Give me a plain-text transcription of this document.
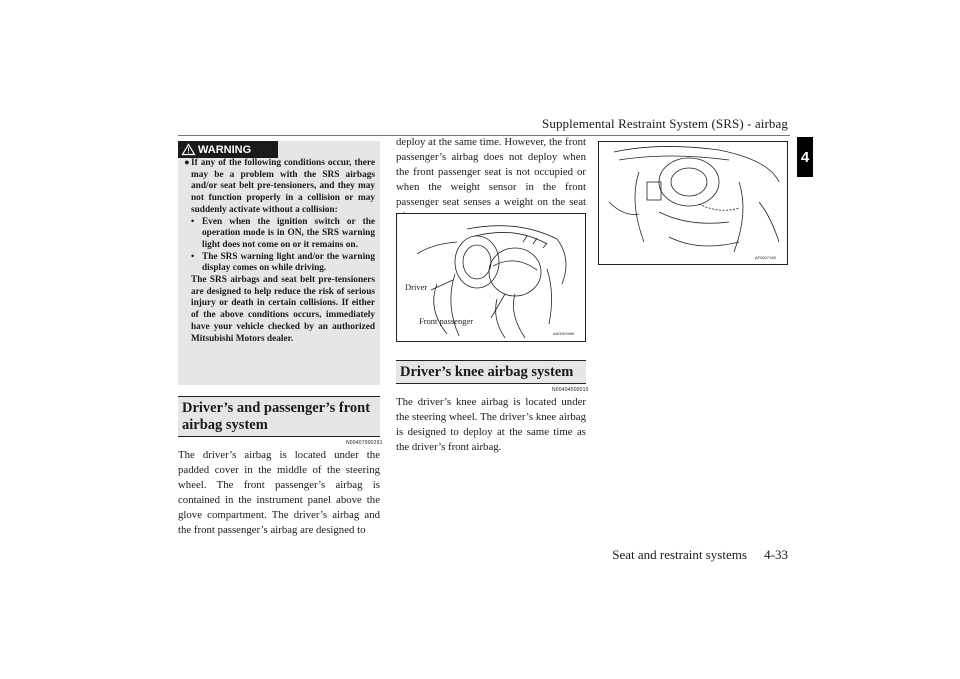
Supplemental Restraint System (SRS) - airbag
4
WARNING
● If any of the following conditions occur, there may be a problem with the SRS airbags and/or seat belt pre-tensioners, and they may not function properly in a collision or may suddenly activate without a collision:
• Even when the ignition switch or the operation mode is in ON, the SRS warning light does not come on or it remains on.
• The SRS warning light and/or the warning display comes on while driving.

The SRS airbags and seat belt pre-tensioners are designed to help reduce the risk of serious injury or death in certain collisions. If either of the above conditions occurs, immediately have your vehicle checked by an authorized Mitsubishi Motors dealer.

Driver’s and passenger’s front airbag system
N00407900291
The driver’s airbag is located under the padded cover in the middle of the steering wheel. The front passenger’s airbag is contained in the instrument panel above the glove compartment. The driver’s airbag and the front passenger’s airbag are designed to
deploy at the same time. However, the front passenger’s airbag does not deploy when the front passenger seat is not occupied or when the weight sensor in the front passenger seat senses a weight on the seat
Driver
Front passenger
AA0001988
Driver’s knee airbag system
N00404500010
The driver’s knee airbag is located under the steering wheel. The driver’s knee airbag is designed to deploy at the same time as the driver’s front airbag.
AF0007198
Seat and restraint systems 4-33
